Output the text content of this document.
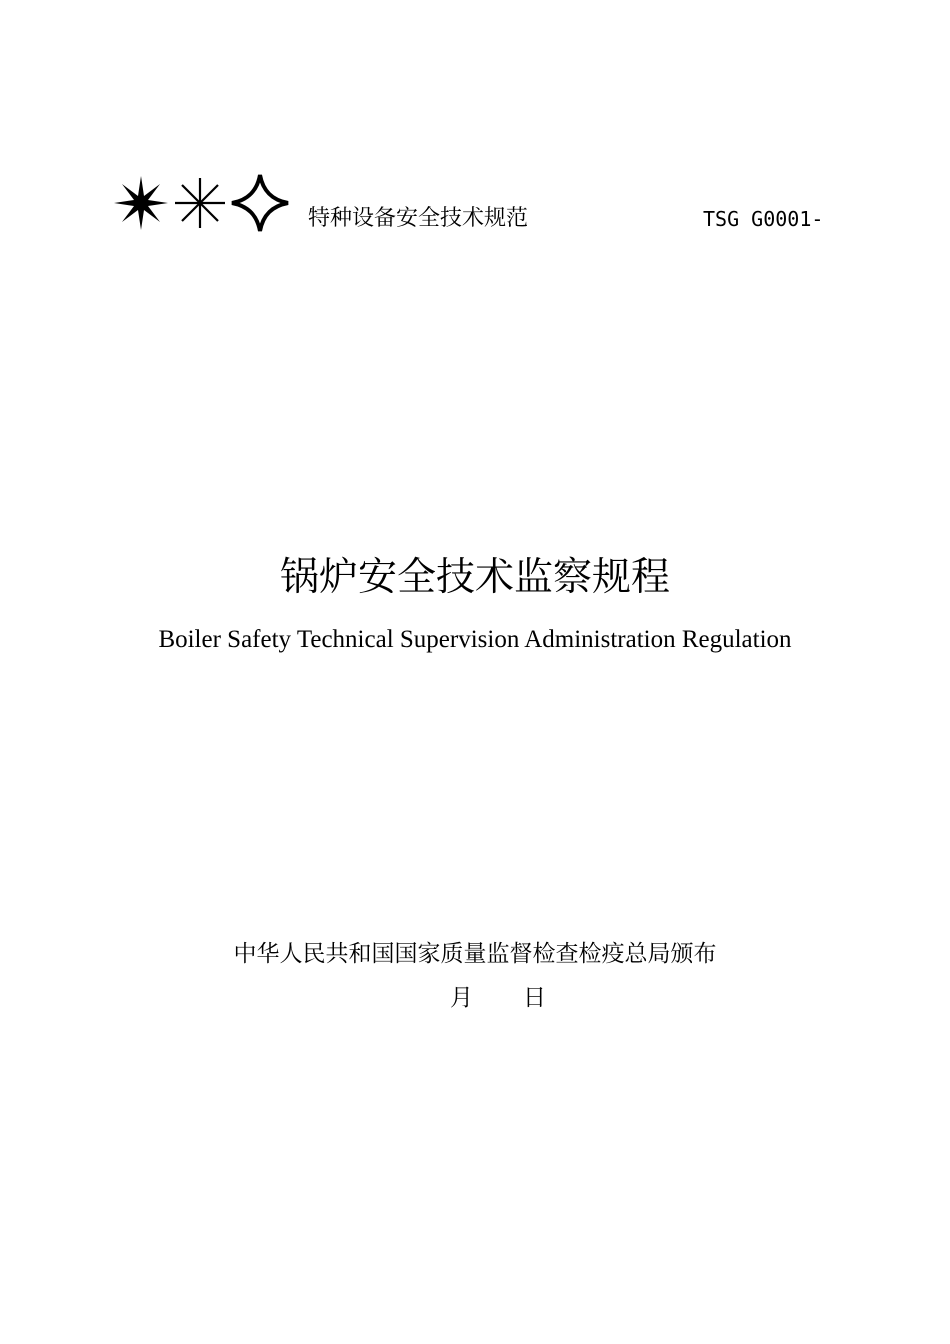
特种设备安全技术规范	TSG G0001-
锅炉安全技术监察规程
Boiler Safety Technical Supervision Administration Regulation
中华人民共和国国家质量监督检查检疫总局颁布
月 日
